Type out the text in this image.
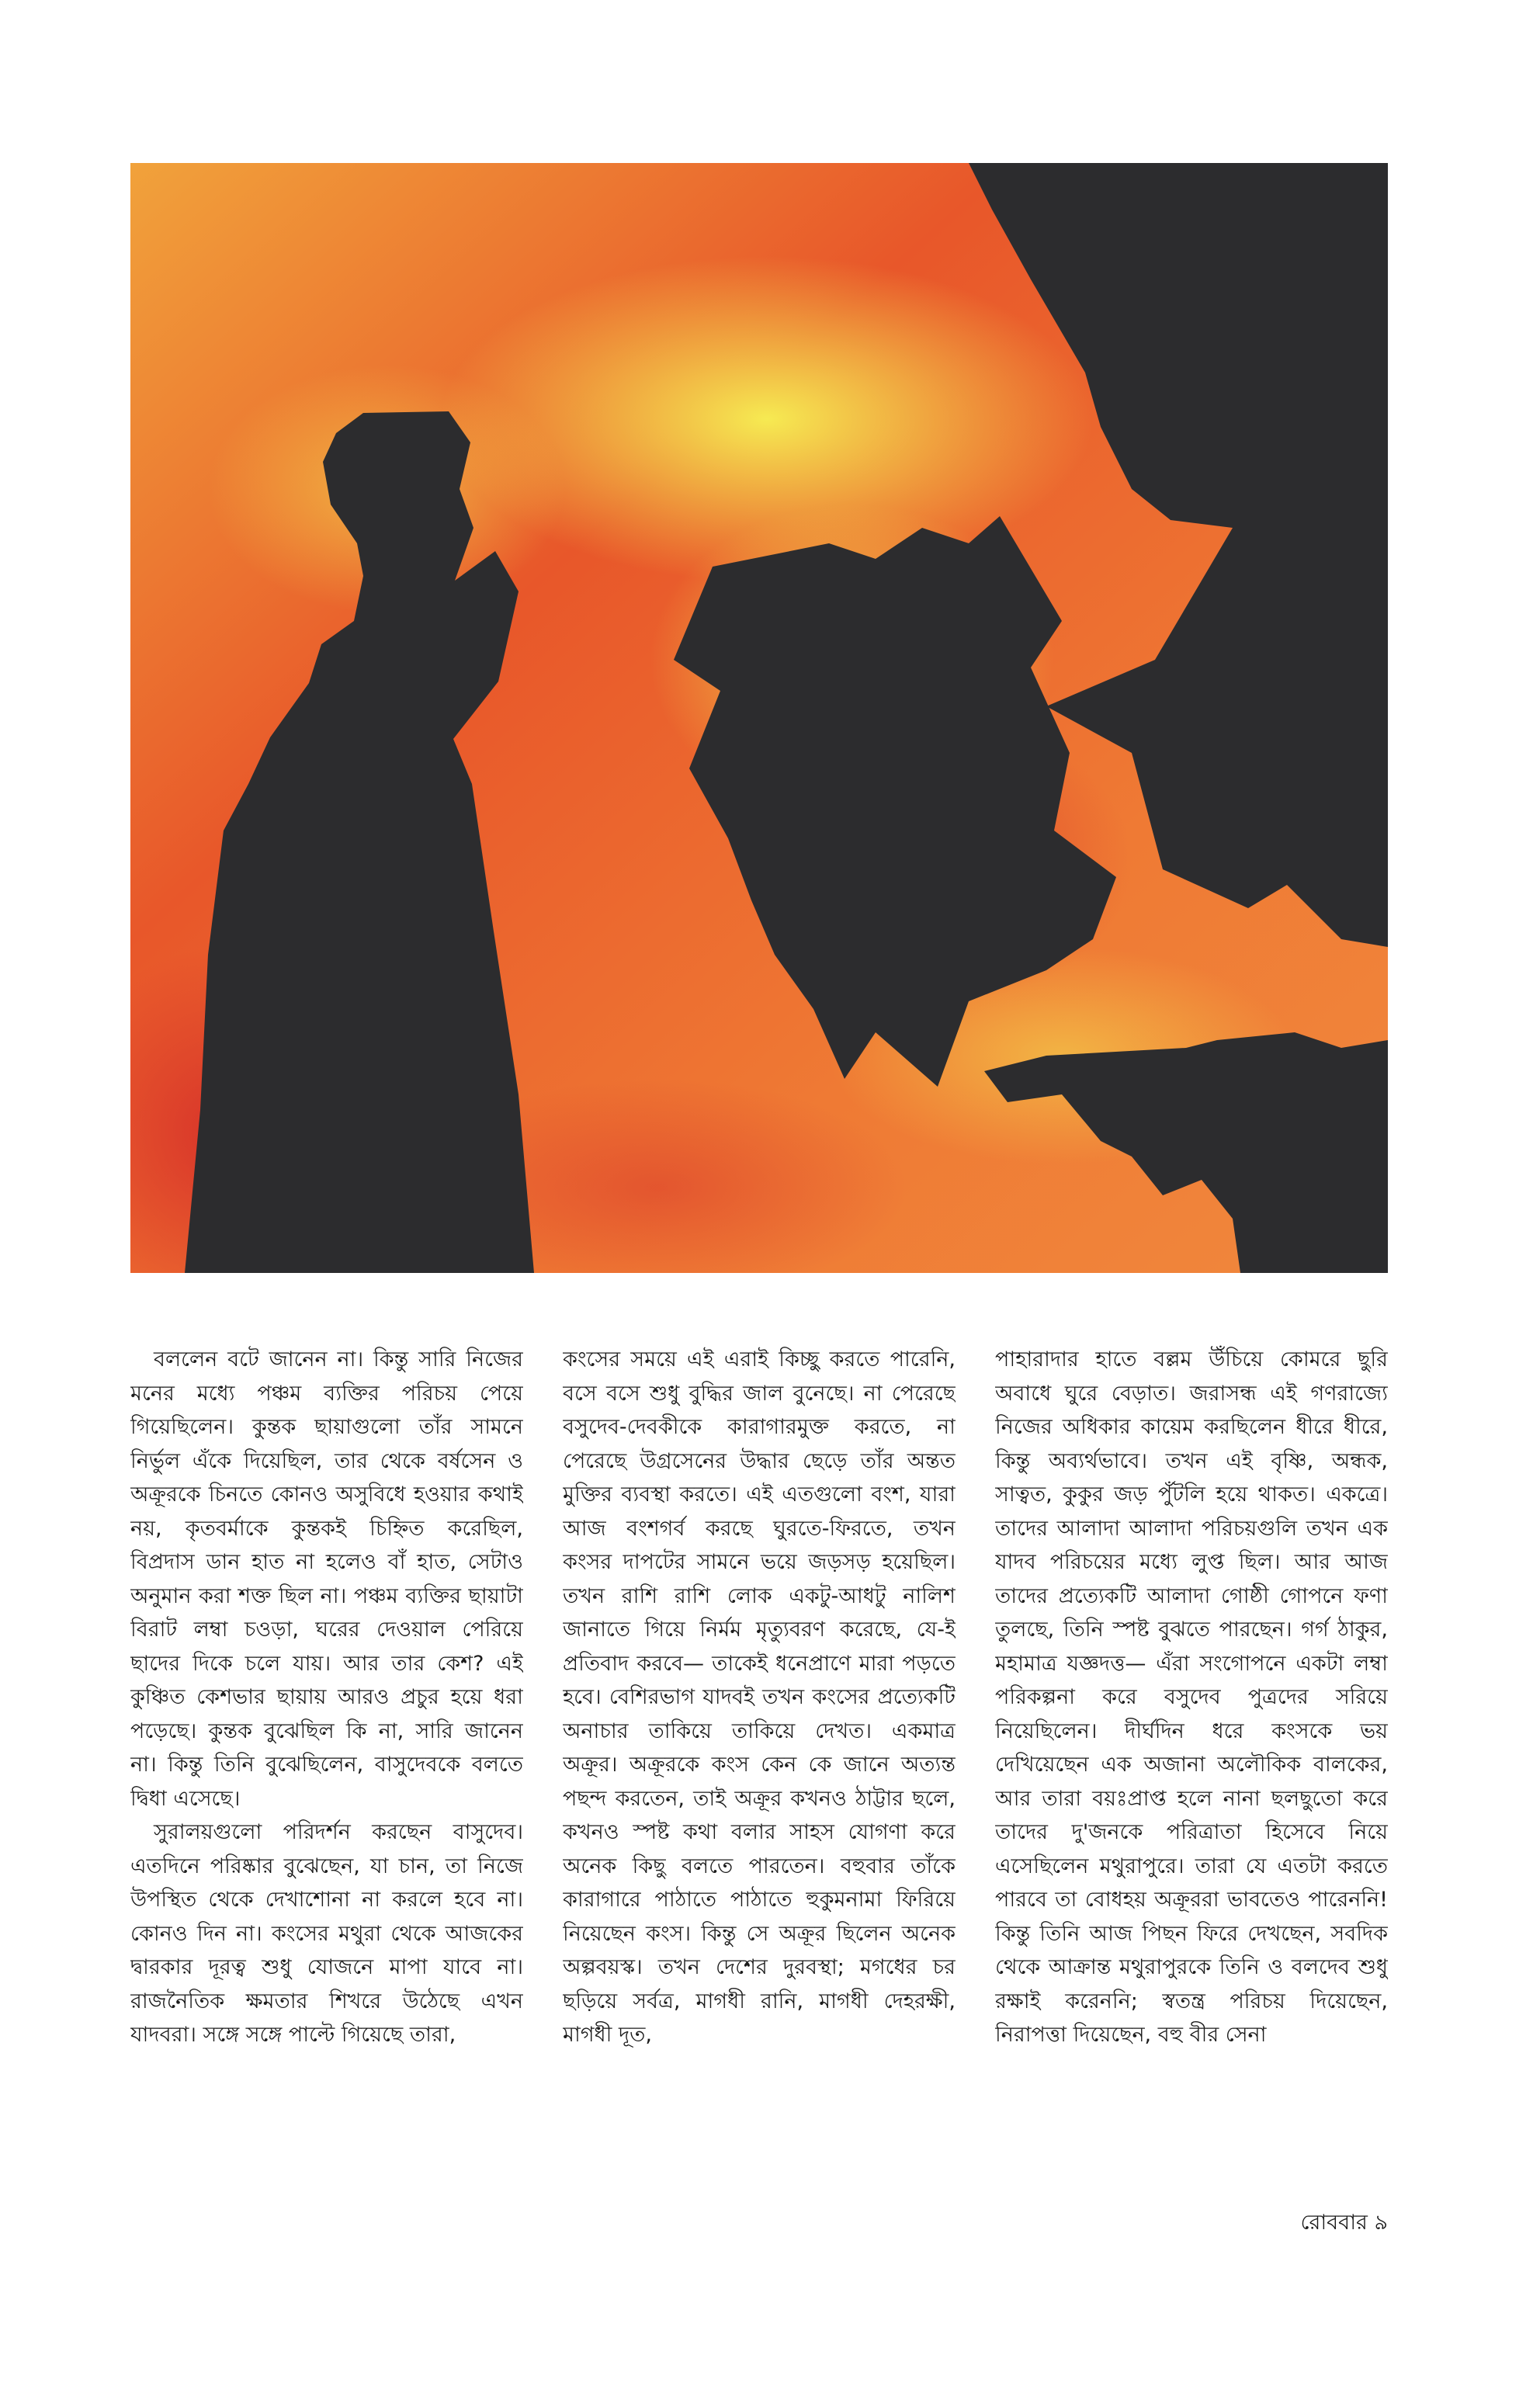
বললেন বটে জানেন না। কিন্তু সারি নিজের মনের মধ্যে পঞ্চম ব্যক্তির পরিচয় পেয়ে গিয়েছিলেন। কুন্তক ছায়াগুলো তাঁর সামনে নির্ভুল এঁকে দিয়েছিল, তার থেকে বর্ষসেন ও অক্রূরকে চিনতে কোনও অসুবিধে হওয়ার কথাই নয়, কৃতবর্মাকে কুন্তকই চিহ্নিত করেছিল, বিপ্রদাস ডান হাত না হলেও বাঁ হাত, সেটাও অনুমান করা শক্ত ছিল না। পঞ্চম ব্যক্তির ছায়াটা বিরাট লম্বা চওড়া, ঘরের দেওয়াল পেরিয়ে ছাদের দিকে চলে যায়। আর তার কেশ? এই কুঞ্চিত কেশভার ছায়ায় আরও প্রচুর হয়ে ধরা পড়েছে। কুন্তক বুঝেছিল কি না, সারি জানেন না। কিন্তু তিনি বুঝেছিলেন, বাসুদেবকে বলতে দ্বিধা এসেছে।

সুরালয়গুলো পরিদর্শন করছেন বাসুদেব। এতদিনে পরিষ্কার বুঝেছেন, যা চান, তা নিজে উপস্থিত থেকে দেখাশোনা না করলে হবে না। কোনও দিন না। কংসের মথুরা থেকে আজকের দ্বারকার দূরত্ব শুধু যোজনে মাপা যাবে না। রাজনৈতিক ক্ষমতার শিখরে উঠেছে এখন যাদবরা। সঙ্গে সঙ্গে পাল্টে গিয়েছে তারা,

কংসের সময়ে এই এরাই কিচ্ছু করতে পারেনি, বসে বসে শুধু বুদ্ধির জাল বুনেছে। না পেরেছে বসুদেব-দেবকীকে কারাগারমুক্ত করতে, না পেরেছে উগ্রসেনের উদ্ধার ছেড়ে তাঁর অন্তত মুক্তির ব্যবস্থা করতে। এই এতগুলো বংশ, যারা আজ বংশগর্ব করছে ঘুরতে-ফিরতে, তখন কংসর দাপটের সামনে ভয়ে জড়সড় হয়েছিল। তখন রাশি রাশি লোক একটু-আধটু নালিশ জানাতে গিয়ে নির্মম মৃত্যুবরণ করেছে, যে-ই প্রতিবাদ করবে— তাকেই ধনেপ্রাণে মারা পড়তে হবে। বেশিরভাগ যাদবই তখন কংসের প্রত্যেকটি অনাচার তাকিয়ে তাকিয়ে দেখত। একমাত্র অক্রূর। অক্রূরকে কংস কেন কে জানে অত্যন্ত পছন্দ করতেন, তাই অক্রূর কখনও ঠাট্টার ছলে, কখনও স্পষ্ট কথা বলার সাহস যোগণা করে অনেক কিছু বলতে পারতেন। বহুবার তাঁকে কারাগারে পাঠাতে পাঠাতে হুকুমনামা ফিরিয়ে নিয়েছেন কংস। কিন্তু সে অক্রূর ছিলেন অনেক অল্পবয়স্ক। তখন দেশের দুরবস্থা; মগধের চর ছড়িয়ে সর্বত্র, মাগধী রানি, মাগধী দেহরক্ষী, মাগধী দূত,

পাহারাদার হাতে বল্লম উঁচিয়ে কোমরে ছুরি অবাধে ঘুরে বেড়াত। জরাসন্ধ এই গণরাজ্যে নিজের অধিকার কায়েম করছিলেন ধীরে ধীরে, কিন্তু অব্যর্থভাবে। তখন এই বৃষ্ণি, অন্ধক, সাত্বত, কুকুর জড় পুঁটলি হয়ে থাকত। একত্রে। তাদের আলাদা আলাদা পরিচয়গুলি তখন এক যাদব পরিচয়ের মধ্যে লুপ্ত ছিল। আর আজ তাদের প্রত্যেকটি আলাদা গোষ্ঠী গোপনে ফণা তুলছে, তিনি স্পষ্ট বুঝতে পারছেন। গর্গ ঠাকুর, মহামাত্র যজ্ঞদত্ত— এঁরা সংগোপনে একটা লম্বা পরিকল্পনা করে বসুদেব পুত্রদের সরিয়ে নিয়েছিলেন। দীর্ঘদিন ধরে কংসকে ভয় দেখিয়েছেন এক অজানা অলৌকিক বালকের, আর তারা বয়ঃপ্রাপ্ত হলে নানা ছলছুতো করে তাদের দু'জনকে পরিত্রাতা হিসেবে নিয়ে এসেছিলেন মথুরাপুরে। তারা যে এতটা করতে পারবে তা বোধহয় অক্রূররা ভাবতেও পারেননি! কিন্তু তিনি আজ পিছন ফিরে দেখছেন, সবদিক থেকে আক্রান্ত মথুরাপুরকে তিনি ও বলদেব শুধু রক্ষাই করেননি; স্বতন্ত্র পরিচয় দিয়েছেন, নিরাপত্তা দিয়েছেন, বহু বীর সেনা

রোববার ৯
